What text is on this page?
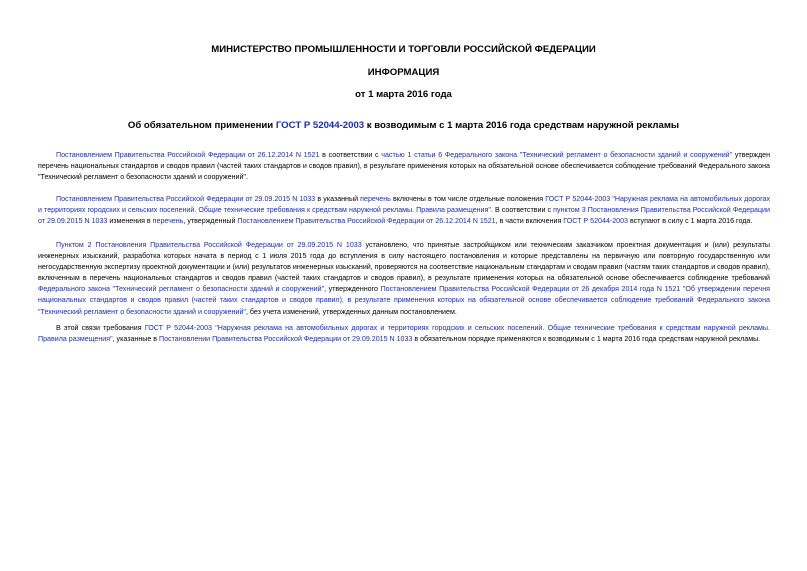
МИНИСТЕРСТВО ПРОМЫШЛЕННОСТИ И ТОРГОВЛИ РОССИЙСКОЙ ФЕДЕРАЦИИ
ИНФОРМАЦИЯ
от 1 марта 2016 года
Об обязательном применении ГОСТ Р 52044-2003 к возводимым с 1 марта 2016 года средствам наружной рекламы

Постановлением Правительства Российской Федерации от 26.12.2014 N 1521 в соответствии с частью 1 статьи 6 Федерального закона "Технический регламент о безопасности зданий и сооружений" утвержден перечень национальных стандартов и сводов правил (частей таких стандартов и сводов правил), в результате применения которых на обязательной основе обеспечивается соблюдение требований Федерального закона "Технический регламент о безопасности зданий и сооружений".

Постановлением Правительства Российской Федерации от 29.09.2015 N 1033 в указанный перечень включены в том числе отдельные положения ГОСТ Р 52044-2003 "Наружная реклама на автомобильных дорогах и территориях городских и сельских поселений. Общие технические требования к средствам наружной рекламы. Правила размещения". В соответствии с пунктом 3 Постановления Правительства Российской Федерации от 29.09.2015 N 1033 изменения в перечень, утвержденный Постановлением Правительства Российской Федерации от 26.12.2014 N 1521, в части включения ГОСТ Р 52044-2003 вступают в силу с 1 марта 2016 года.

Пунктом 2 Постановления Правительства Российской Федерации от 29.09.2015 N 1033 установлено, что принятые застройщиком или техническим заказчиком проектная документация и (или) результаты инженерных изысканий, разработка которых начата в период с 1 июля 2015 года до вступления в силу настоящего постановления и которые представлены на первичную или повторную государственную или негосударственную экспертизу проектной документации и (или) результатов инженерных изысканий, проверяются на соответствие национальным стандартам и сводам правил (частям таких стандартов и сводов правил), включенным в перечень национальных стандартов и сводов правил (частей таких стандартов и сводов правил), в результате применения которых на обязательной основе обеспечивается соблюдение требований Федерального закона "Технический регламент о безопасности зданий и сооружений", утвержденного Постановлением Правительства Российской Федерации от 26 декабря 2014 года N 1521 "Об утверждении перечня национальных стандартов и сводов правил (частей таких стандартов и сводов правил), в результате применения которых на обязательной основе обеспечивается соблюдение требований Федерального закона "Технический регламент о безопасности зданий и сооружений", без учета изменений, утвержденных данным постановлением.

В этой связи требования ГОСТ Р 52044-2003 "Наружная реклама на автомобильных дорогах и территориях городских и сельских поселений. Общие технические требования к средствам наружной рекламы. Правила размещения", указанные в Постановлении Правительства Российской Федерации от 29.09.2015 N 1033 в обязательном порядке применяются к возводимым с 1 марта 2016 года средствам наружной рекламы.
